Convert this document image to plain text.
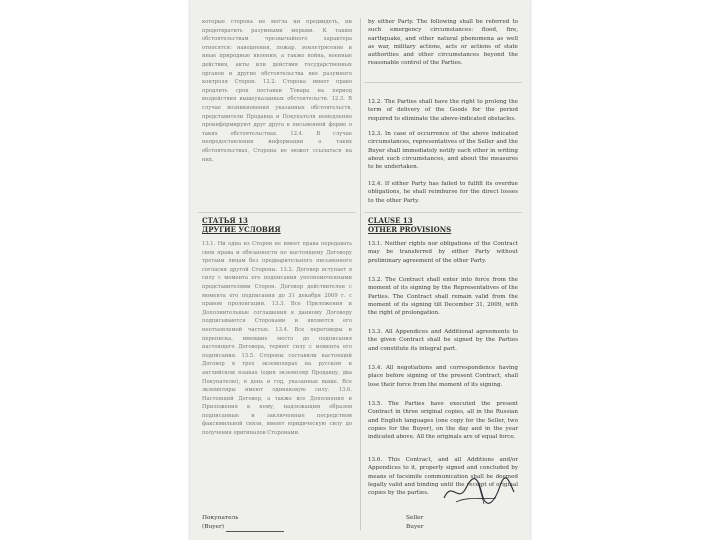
которые сторона не могла ни предвидеть, ни предотвратить разумными мерами. К таким обстоятельствам чрезвычайного характера относятся: наводнения, пожар, землетрясение и иные природные явления, а также война, военные действия, акты или действия государственных органов и другие обстоятельства вне разумного контроля Сторон. 12.2. Сторона имеет право продлить срок поставки Товара на период воздействия вышеуказанных обстоятельств. 12.3. В случае возникновения указанных обстоятельств, представители Продавца и Покупателя немедленно проинформируют друг друга в письменной форме о таких обстоятельствах. 12.4. В случае непредоставления информации о таких обстоятельствах, Сторона не может ссылаться на них.
СТАТЬЯ 13
ДРУГИЕ УСЛОВИЯ
13.1. Ни одна из Сторон не имеет права передавать свои права и обязанности по настоящему Договору третьим лицам без предварительного письменного согласия другой Стороны. 13.2. Договор вступает в силу с момента его подписания уполномоченными представителями Сторон. Договор действителен с момента его подписания до 31 декабря 2009 г. с правом пролонгации. 13.3. Все Приложения и Дополнительные соглашения к данному Договору подписываются Сторонами и являются его неотъемлемой частью. 13.4. Все переговоры и переписка, имевшие место до подписания настоящего Договора, теряют силу с момента его подписания. 13.5. Стороны составили настоящий Договор в трех экземплярах на русском и английском языках (один экземпляр Продавцу, два Покупателю), в день и год, указанные выше. Все экземпляры имеют одинаковую силу. 13.6. Настоящий Договор, а также все Дополнения и Приложения к нему, надлежащим образом подписанные и заключенные посредством факсимильной связи, имеют юридическую силу до получения оригиналов Сторонами.
Покупатель
(Buyer)
by either Party. The following shall be referred to such emergency circumstances: flood, fire, earthquake, and other natural phenomena as well as war, military actions, acts or actions of state authorities and other circumstances beyond the reasonable control of the Parties.
12.2. The Parties shall have the right to prolong the term of delivery of the Goods for the period required to eliminate the above-indicated obstacles.
12.3. In case of occurrence of the above indicated circumstances, representatives of the Seller and the Buyer shall immediately notify each other in writing about such circumstances, and about the measures to be undertaken.
12.4. If either Party has failed to fulfill its overdue obligations, he shall reimburse for the direct losses to the other Party.
CLAUSE 13
OTHER PROVISIONS
13.1. Neither rights nor obligations of the Contract may be transferred by either Party without preliminary agreement of the other Party.
13.2. The Contract shall enter into force from the moment of its signing by the Representatives of the Parties. The Contract shall remain valid from the moment of its signing till December 31, 2009, with the right of prolongation.
13.3. All Appendices and Additional agreements to the given Contract shall be signed by the Parties and constitute its integral part.
13.4. All negotiations and correspondence having place before signing of the present Contract, shall lose their force from the moment of its signing.
13.5. The Parties have executed the present Contract in three original copies, all in the Russian and English languages (one copy for the Seller, two copies for the Buyer), on the day and in the year indicated above. All the originals are of equal force.
13.6. This Contract, and all Additions and/or Appendices to it, properly signed and concluded by means of facsimile communication shall be deemed legally valid and binding until the receipt of original copies by the parties.
Seller
Buyer
